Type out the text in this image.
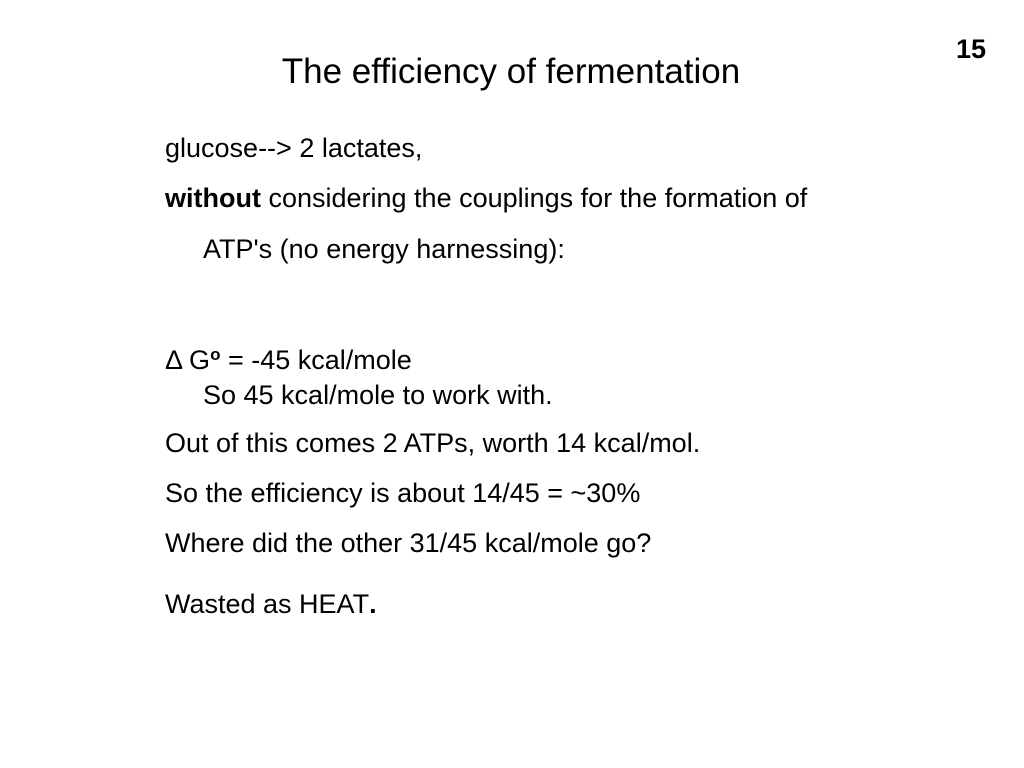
15
The efficiency of fermentation
glucose--> 2 lactates,
without considering the couplings for the formation of
ATP's (no energy harnessing):
Δ $G^o = -45$ kcal/mole
So 45 kcal/mole to work with.
Out of this comes 2 ATPs, worth 14 kcal/mol.
So the efficiency is about 14/45 = ~30%
Where did the other 31/45 kcal/mole go?
Wasted as HEAT.
